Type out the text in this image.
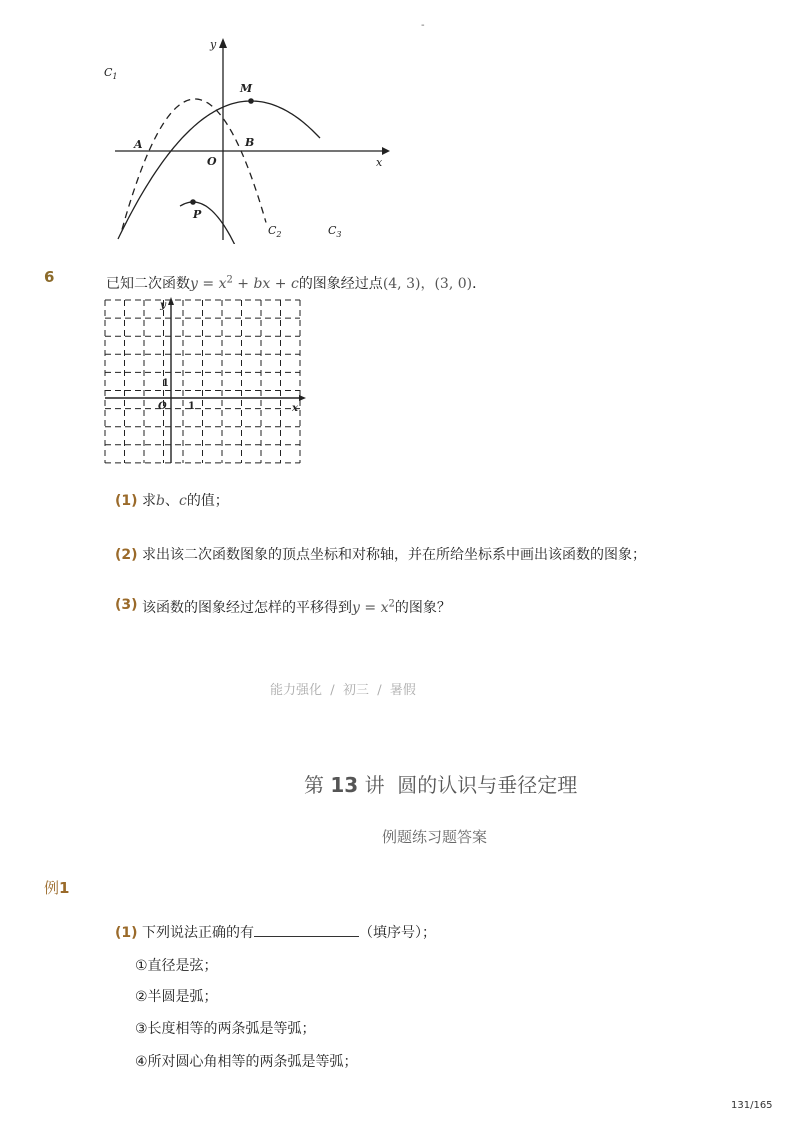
-
y
x
O
A	B
M
P
$C_1$
$C_2$	$C_3$
6	已知二次函数$y = x^2$ + bx + c的图象经过点(4, 3)，(3, 0)．
y
x
O 1
1
(1) 求b、c的值；
(2) 求出该二次函数图象的顶点坐标和对称轴，并在所给坐标系中画出该函数的图象；
(3) 该函数的图象经过怎样的平移得到$y = x^2$的图象？
能力强化 / 初三 / 暑假
第 13 讲 圆的认识与垂径定理
例题练习题答案
例1
(1) 下列说法正确的有	（填序号）；
①直径是弦；
②半圆是弧；
③长度相等的两条弧是等弧；
④所对圆心角相等的两条弧是等弧；
131/165
